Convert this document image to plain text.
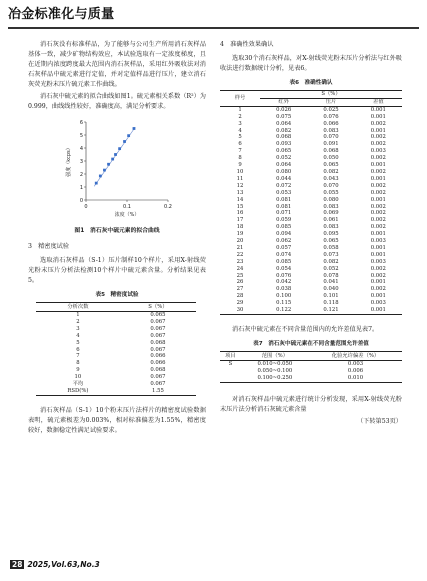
冶金标准化与质量

消石灰没有标准样品，为了能够与公司生产所用消石灰样品基体一致，减少矿物结构效应，本试验选取有一定浓度梯度，且在近期内浓度跨度最大范围内消石灰样品，采用红外吸收法对消石灰样品中硫元素进行定值，并对定值样品进行压片，建立消石灰荧光粉末压片硫元素工作曲线。

消石灰中硫元素的拟合曲线如图1。硫元素相关系数（R²）为0.999，曲线线性较好，准确度高，满足分析要求。

0
1
2
3
4
5
6
0	0.1	0.2
浓度（%）
强度（kcps）
图1　消石灰中硫元素的拟合曲线
3　精密度试验

选取消石灰样品（S-1）压片制样10个样片，采用X-射线荧光粉末压片分析法检测10个样片中硫元素含量。分析结果见表5。

表5　精密度试验
分析次数	S（%）
1	0.065
2	0.067
3	0.067
4	0.067
5	0.068
6	0.067
7	0.066
8	0.066
9	0.068
10	0.067
平均	0.067
RSD(%)	1.55

消石灰样品（S-1）10个粉末压片法样片的精密度试验数据表明，硫元素极差为0.003%，相对标准偏差为1.55%，精密度较好，数据稳定性满足试验要求。

4　准确性效果确认

选取30个消石灰样品，对X-射线荧光粉末压片分析法与红外吸收法进行数据统计分析，见表6。

表6　准确性确认
样号	S（%）		
	红外	压片	差值
1	0.026	0.025	0.001
2	0.075	0.076	0.001
3	0.064	0.066	0.002
4	0.082	0.083	0.001
5	0.068	0.070	0.002
6	0.093	0.091	0.002
7	0.065	0.068	0.003
8	0.052	0.050	0.002
9	0.064	0.065	0.001
10	0.080	0.082	0.002
11	0.044	0.043	0.001
12	0.072	0.070	0.002
13	0.053	0.055	0.002
14	0.081	0.080	0.001
15	0.081	0.083	0.002
16	0.071	0.069	0.002
17	0.059	0.061	0.002
18	0.085	0.083	0.002
19	0.094	0.095	0.001
20	0.062	0.065	0.003
21	0.057	0.058	0.001
22	0.074	0.073	0.001
23	0.085	0.082	0.003
24	0.054	0.052	0.002
25	0.076	0.078	0.002
26	0.042	0.041	0.001
27	0.038	0.040	0.002
28	0.100	0.101	0.001
29	0.115	0.118	0.003
30	0.122	0.121	0.001

消石灰中硫元素在不同含量范围内的允许差值见表7。

表7　消石灰中硫元素在不同含量范围允许差值
项目	范围（%）	化验允许偏差（%）
S	0.010~0.050	0.003
	0.050~0.100	0.006
	0.100~0.250	0.010

对消石灰样品中硫元素进行统计分析发现，采用X-射线荧光粉末压片法分析消石灰硫元素含量

（下转第53页）

28 2025,Vol.63,No.3
